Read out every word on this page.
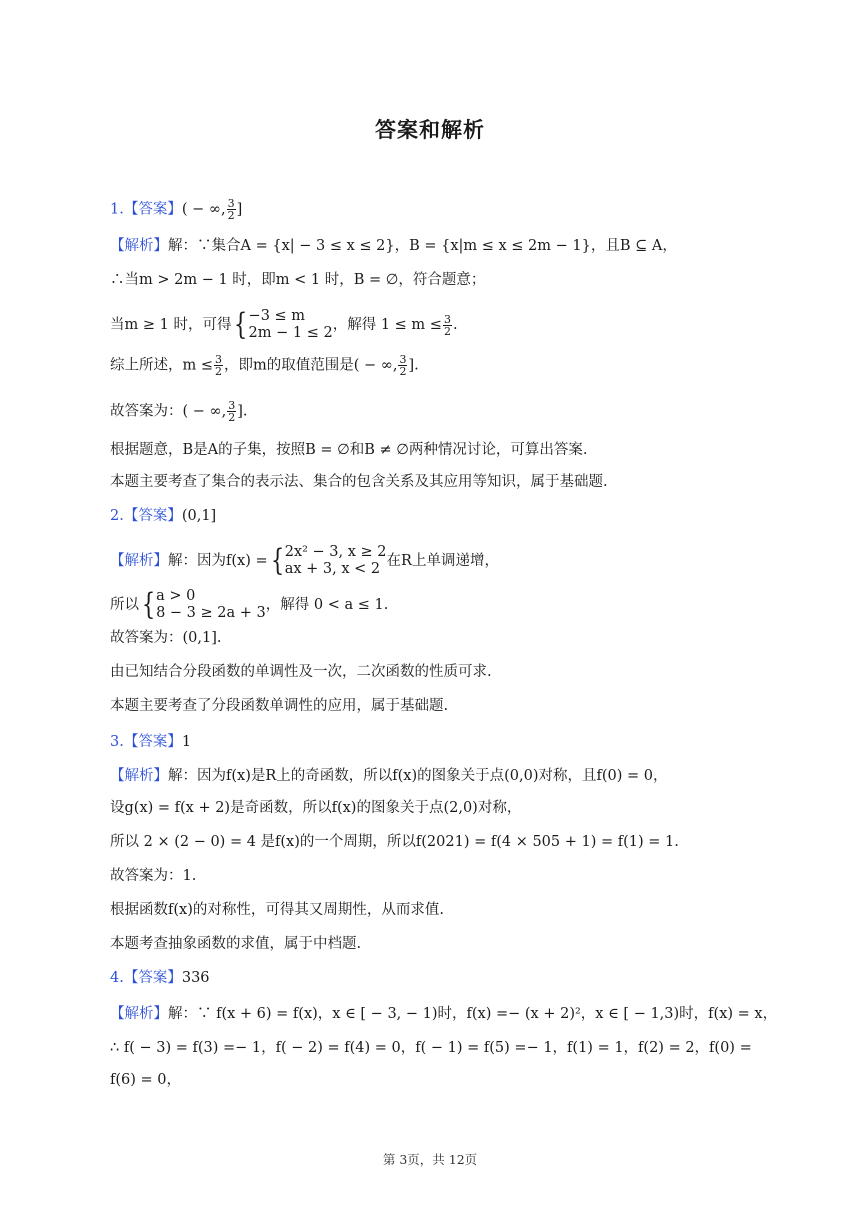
答案和解析
1.【答案】( − ∞, $\frac{3}{2}$ ]
【解析】解：∵集合A = {x| − 3 ≤ x ≤ 2}，B = {x|m ≤ x ≤ 2m − 1}，且B ⊆ A，
∴当m > 2m − 1 时，即m < 1 时，B = ∅，符合题意；
当m ≥ 1 时，可得{ −3 ≤ m
2m − 1 ≤ 2 ，解得 $1 \le m \le \frac{3}{2}$ .
综上所述，$m \le \frac{3}{2}$ ，即m的取值范围是( − ∞, $\frac{3}{2}$ ].
故答案为：( − ∞, $\frac{3}{2}$ ].
根据题意，B是A的子集，按照B = ∅和B ≠ ∅两种情况讨论，可算出答案.
本题主要考查了集合的表示法、集合的包含关系及其应用等知识，属于基础题.
2.【答案】(0,1]
【解析】解：因为f(x) ={ 2x² − 3, x ≥ 2
ax + 3, x < 2 在R上单调递增，
所以{ a > 0
8 − 3 ≥ 2a + 3 ，解得 0 < a ≤ 1.
故答案为：(0,1].
由已知结合分段函数的单调性及一次，二次函数的性质可求.
本题主要考查了分段函数单调性的应用，属于基础题.
3.【答案】1
【解析】解：因为f(x)是R上的奇函数，所以f(x)的图象关于点(0,0)对称，且f(0) = 0，
设g(x) = f(x + 2)是奇函数，所以f(x)的图象关于点(2,0)对称，
所以 2 × (2 − 0) = 4 是f(x)的一个周期，所以f(2021) = f(4 × 505 + 1) = f(1) = 1.
故答案为：1.
根据函数f(x)的对称性，可得其又周期性，从而求值.
本题考查抽象函数的求值，属于中档题.
4.【答案】336
【解析】解：∵ f(x + 6) = f(x)，x ∈ [ − 3, − 1)时，f(x) =− (x + 2)²，x ∈ [ − 1,3)时，f(x) = x，
∴ f( − 3) = f(3) =− 1，f( − 2) = f(4) = 0，f( − 1) = f(5) =− 1，f(1) = 1，f(2) = 2，f(0) =
f(6) = 0，
第 3页，共 12页
